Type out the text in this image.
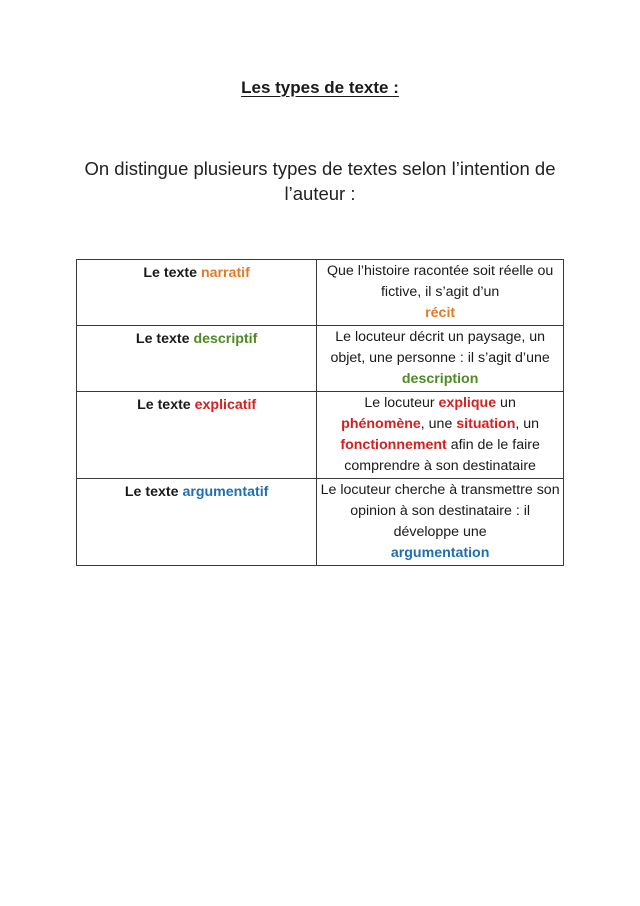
Les types de texte :
On distingue plusieurs types de textes selon l’intention de l’auteur :
Le texte narratif	Que l’histoire racontée soit réelle ou fictive, il s’agit d’un
récit
Le texte descriptif	Le locuteur décrit un paysage, un objet, une personne : il s’agit d’une description
Le texte explicatif	Le locuteur explique un
phénomène, une situation, un
fonctionnement afin de le faire comprendre à son destinataire
Le texte argumentatif	Le locuteur cherche à transmettre son opinion à son destinataire : il développe une
argumentation
